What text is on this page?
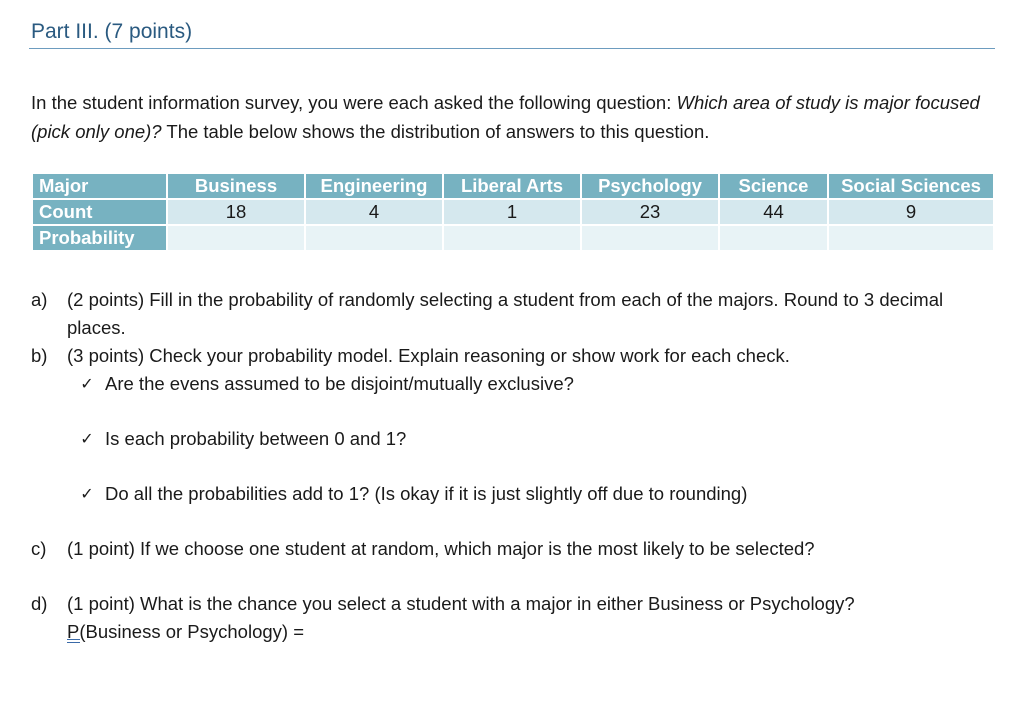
Part III. (7 points)
In the student information survey, you were each asked the following question: Which area of study is major focused (pick only one)? The table below shows the distribution of answers to this question.
Major	Business	Engineering	Liberal Arts	Psychology	Science	Social Sciences
Count	18	4	1	23	44	9
Probability						
a) (2 points) Fill in the probability of randomly selecting a student from each of the majors. Round to 3 decimal places.
b) (3 points) Check your probability model. Explain reasoning or show work for each check.
✓ Are the evens assumed to be disjoint/mutually exclusive?
✓ Is each probability between 0 and 1?
✓ Do all the probabilities add to 1? (Is okay if it is just slightly off due to rounding)
c) (1 point) If we choose one student at random, which major is the most likely to be selected?
d) (1 point) What is the chance you select a student with a major in either Business or Psychology?
P(Business or Psychology) =
